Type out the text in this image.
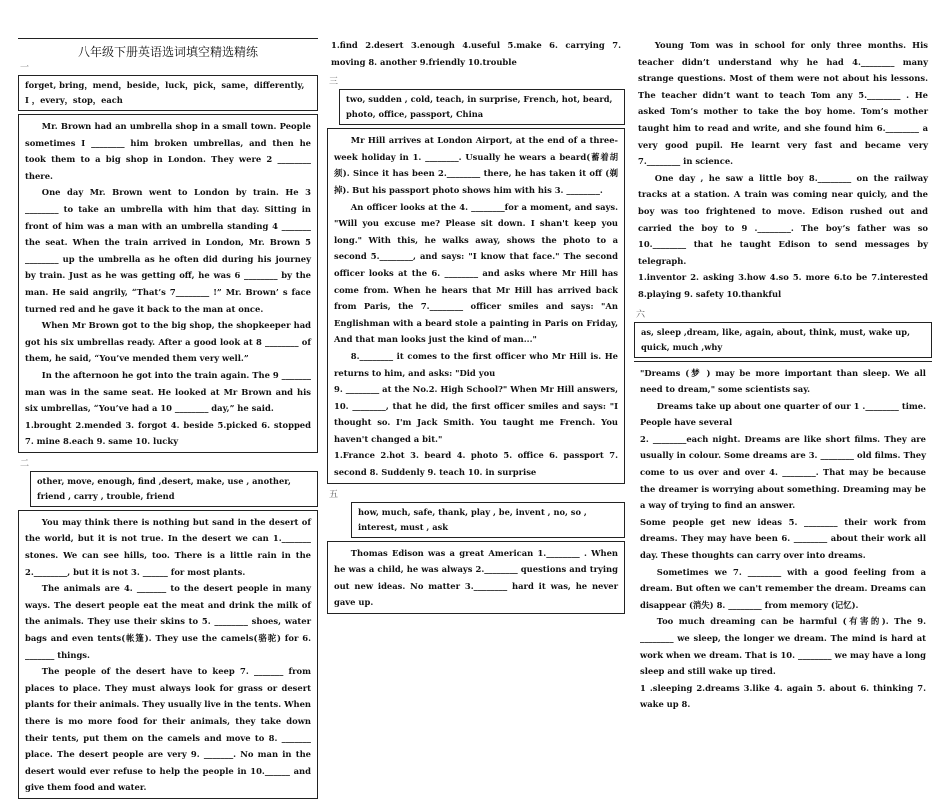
八年级下册英语选词填空精选精练
一
forget, bring，mend，beside，luck，pick，same，differently, I ，every，stop，each

Mr. Brown had an umbrella shop in a small town. People sometimes I ________ him broken umbrellas, and then he took them to a big shop in London. They were 2 ________ there.

One day Mr. Brown went to London by train. He 3 ________ to take an umbrella with him that day. Sitting in front of him was a man with an umbrella standing 4 _______ the seat. When the train arrived in London, Mr. Brown 5 ________ up the umbrella as he often did during his journey by train. Just as he was getting off, he was 6 ________ by the man. He said angrily, “That’s 7________ !” Mr. Brown’ s face turned red and he gave it back to the man at once.

When Mr Brown got to the big shop, the shopkeeper had got his six umbrellas ready. After a good look at 8 ________ of them, he said, “You’ve mended them very well.”

In the afternoon he got into the train again. The 9 _______ man was in the same seat. He looked at Mr Brown and his six umbrellas, “You’ve had a 10 ________ day,” he said.

1.brought 2.mended 3. forgot 4. beside 5.picked 6. stopped 7. mine 8.each 9. same 10. lucky

二
other, move, enough, find ,desert, make, use , another, friend , carry , trouble, friend

You may think there is nothing but sand in the desert of the world, but it is not true. In the desert we can 1._______ stones. We can see hills, too. There is a little rain in the 2.________, but it is not 3. ______ for most plants.

The animals are 4. _______ to the desert people in many ways. The desert people eat the meat and drink the milk of the animals. They use their skins to 5. ________ shoes, water bags and even tents(帐篷). They use the camels(骆驼) for 6. _______ things.

The people of the desert have to keep 7. _______ from places to place. They must always look for grass or desert plants for their animals. They usually live in the tents. When there is mo more food for their animals, they take down their tents, put them on the camels and move to 8. _______ place. The desert people are very 9. _______. No man in the desert would ever refuse to help the people in 10.______ and give them food and water.

1.find 2.desert 3.enough 4.useful 5.make 6. carrying 7. moving 8. another 9.friendly 10.trouble

三
two, sudden , cold, teach, in surprise, French, hot, beard, photo, office, passport, China

Mr Hill arrives at London Airport, at the end of a three-week holiday in 1. ________. Usually he wears a beard(蓄着胡须). Since it has been 2.________ there, he has taken it off (剃掉). But his passport photo shows him with his 3. ________.

An officer looks at the 4. ________for a moment, and says. "Will you excuse me? Please sit down. I shan't keep you long." With this, he walks away, shows the photo to a second 5.________, and says: "I know that face." The second officer looks at the 6. ________ and asks where Mr Hill has come from. When he hears that Mr Hill has arrived back from Paris, the 7.________ officer smiles and says: "An Englishman with a beard stole a painting in Paris on Friday, And that man looks just the kind of man..."

8.________ it comes to the first officer who Mr Hill is. He returns to him, and asks: "Did you

9. ________ at the No.2. High School?" When Mr Hill answers, 10. ________, that he did, the first officer smiles and says: "I thought so. I'm Jack Smith. You taught me French. You haven't changed a bit."

1.France 2.hot 3. beard 4. photo 5. office 6. passport 7. second 8. Suddenly 9. teach 10. in surprise

五
how, much, safe, thank, play , be, invent , no, so , interest, must , ask

Thomas Edison was a great American 1.________ . When he was a child, he was always 2.________ questions and trying out new ideas. No matter 3.________ hard it was, he never gave up.

Young Tom was in school for only three months. His teacher didn’t understand why he had 4.________ many strange questions. Most of them were not about his lessons. The teacher didn’t want to teach Tom any 5.________ . He asked Tom’s mother to take the boy home. Tom’s mother taught him to read and write, and she found him 6.________ a very good pupil. He learnt very fast and became very 7.________ in science.

One day , he saw a little boy 8.________ on the railway tracks at a station. A train was coming near quicly, and the boy was too frightened to move. Edison rushed out and carried the boy to 9 .________. The boy’s father was so 10.________ that he taught Edison to send messages by telegraph.

1.inventor 2. asking 3.how 4.so 5. more 6.to be 7.interested 8.playing 9. safety 10.thankful

六
as, sleep ,dream, like, again, about, think, must, wake up, quick, much ,why

"Dreams (梦 ) may be more important than sleep. We all need to dream," some scientists say.

Dreams take up about one quarter of our 1 .________ time. People have several

2. ________each night. Dreams are like short films. They are usually in colour. Some dreams are 3. ________ old films. They come to us over and over 4. ________. That may be because the dreamer is worrying about something. Dreaming may be a way of trying to find an answer.

Some people get new ideas 5. ________ their work from dreams. They may have been 6. ________ about their work all day. These thoughts can carry over into dreams.

Sometimes we 7. ________ with a good feeling from a dream. But often we can't remember the dream. Dreams can disappear (消失) 8. ________ from memory (记忆).

Too much dreaming can be harmful (有害的). The 9. ________ we sleep, the longer we dream. The mind is hard at work when we dream. That is 10. ________ we may have a long sleep and still wake up tired.

1 .sleeping 2.dreams 3.like 4. again 5. about 6. thinking 7. wake up 8.
